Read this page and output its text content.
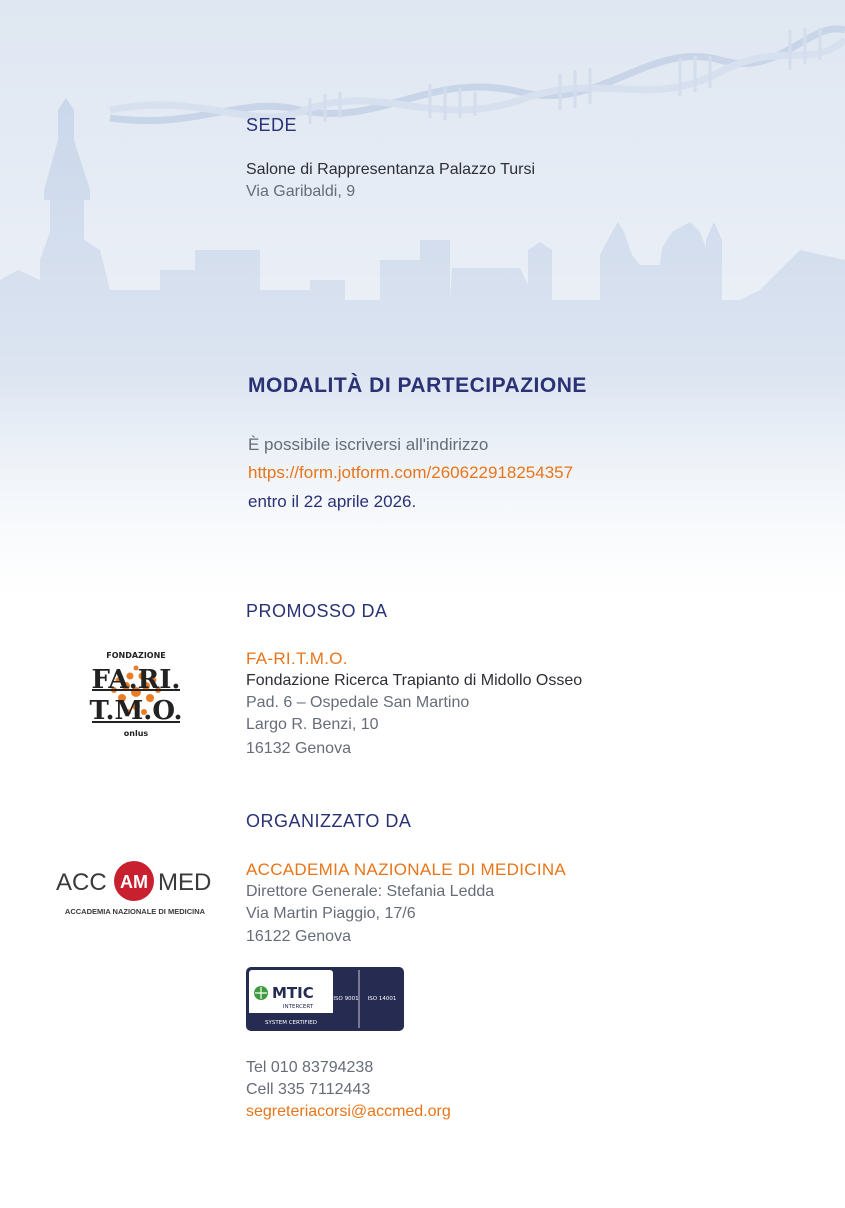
SEDE
Salone di Rappresentanza Palazzo Tursi
Via Garibaldi, 9
MODALITÀ DI PARTECIPAZIONE
È possibile iscriversi all'indirizzo
https://form.jotform.com/260622918254357
entro il 22 aprile 2026.
PROMOSSO DA
FONDAZIONE
FA.RI.
T.M.O.
onlus
FA-RI.T.M.O.
Fondazione Ricerca Trapianto di Midollo Osseo
Pad. 6 – Ospedale San Martino
Largo R. Benzi, 10
16132 Genova
ORGANIZZATO DA
ACC AM MED
ACCADEMIA NAZIONALE DI MEDICINA
ACCADEMIA NAZIONALE DI MEDICINA
Direttore Generale: Stefania Ledda
Via Martin Piaggio, 17/6
16122 Genova
MTIC
INTERCERT
SYSTEM CERTIFIED
ISO 9001 ISO 14001
Tel 010 83794238
Cell 335 7112443
segreteriacorsi@accmed.org
